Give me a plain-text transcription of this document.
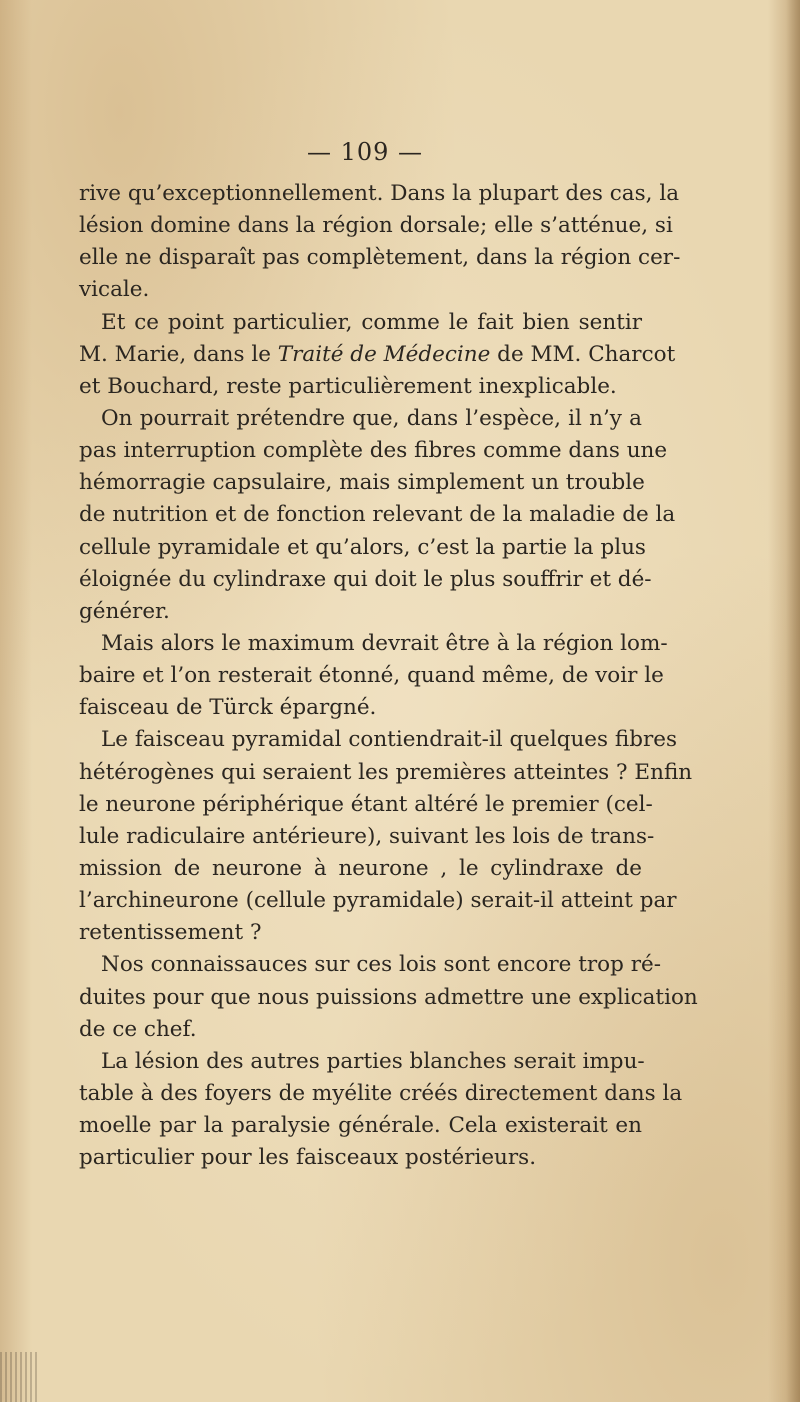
— 109 —
rive qu’exceptionnellement. Dans la plupart des cas, la
lésion domine dans la région dorsale; elle s’atténue, si
elle ne disparaît pas complètement, dans la région cer-
vicale.
Et ce point particulier, comme le fait bien sentir
M. Marie, dans le Traité de Médecine de MM. Charcot
et Bouchard, reste particulièrement inexplicable.
On pourrait prétendre que, dans l’espèce, il n’y a
pas interruption complète des fibres comme dans une
hémorragie capsulaire, mais simplement un trouble
de nutrition et de fonction relevant de la maladie de la
cellule pyramidale et qu’alors, c’est la partie la plus
éloignée du cylindraxe qui doit le plus souffrir et dé-
générer.
Mais alors le maximum devrait être à la région lom-
baire et l’on resterait étonné, quand même, de voir le
faisceau de Türck épargné.
Le faisceau pyramidal contiendrait-il quelques fibres
hétérogènes qui seraient les premières atteintes ? Enfin
le neurone périphérique étant altéré le premier (cel-
lule radiculaire antérieure), suivant les lois de trans-
mission de neurone à neurone , le cylindraxe de
l’archineurone (cellule pyramidale) serait-il atteint par
retentissement ?
Nos connaissauces sur ces lois sont encore trop ré-
duites pour que nous puissions admettre une explication
de ce chef.
La lésion des autres parties blanches serait impu-
table à des foyers de myélite créés directement dans la
moelle par la paralysie générale. Cela existerait en
particulier pour les faisceaux postérieurs.
